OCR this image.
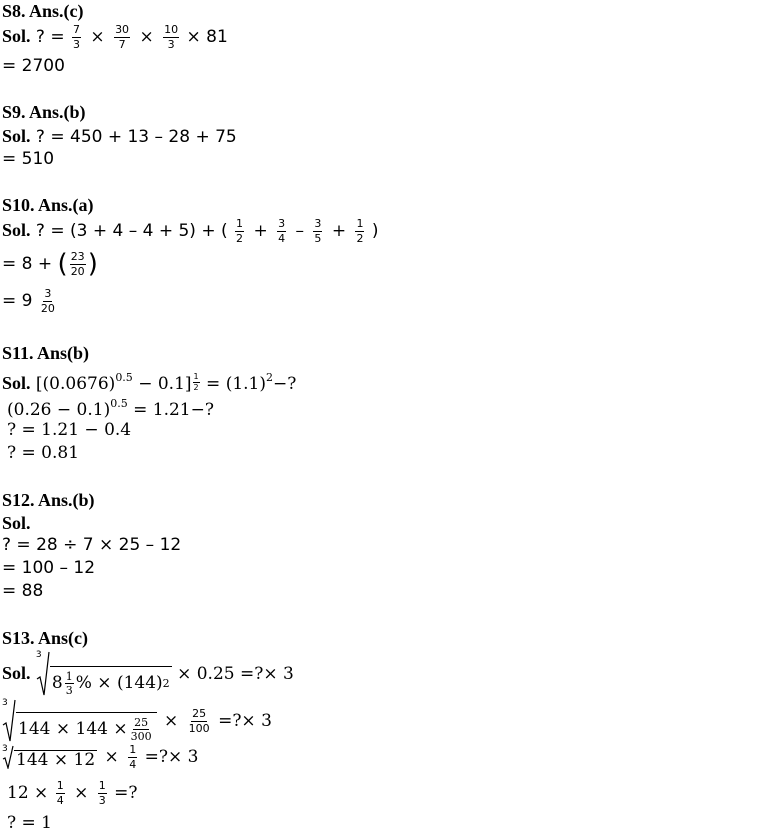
S8. Ans.(c)
Sol. ? = $\frac{7}{3} \times \frac{30}{7} \times \frac{10}{3} \times 81$
= 2700
S9. Ans.(b)
Sol. ? = 450 + 13 – 28 + 75
= 510
S10. Ans.(a)
Sol. ? = (3 + 4 – 4 + 5) + ( $\frac{1}{2} + \frac{3}{4} - \frac{3}{5} + \frac{1}{2}$ )
= 8 + ( $\frac{23}{20}$ )
= $9 \frac{3}{20}$
S11. Ans(b)
Sol. $[(0.0676)^{0.5} - 0.1] \frac{1}{2} = (1.1)^2-$?
$(0.26 - 0.1)^{0.5} = 1.21-$?
? = 1.21 − 0.4
? = 0.81
S12. Ans.(b)
Sol.
? = 28 ÷ 7 × 25 – 12
= 100 – 12
= 88
S13. Ans(c)
Sol.
3
8 1
3 % × (144) 2 × 0.25 =?× 3
3
$144 \times 144 \times \frac{25}{300} \times \frac{25}{100}$ =?× 3
3
$144 \times 12 \times \frac{1}{4}$ =?× 3
$12 \times \frac{1}{4} \times \frac{1}{3}$ =?
? = 1
